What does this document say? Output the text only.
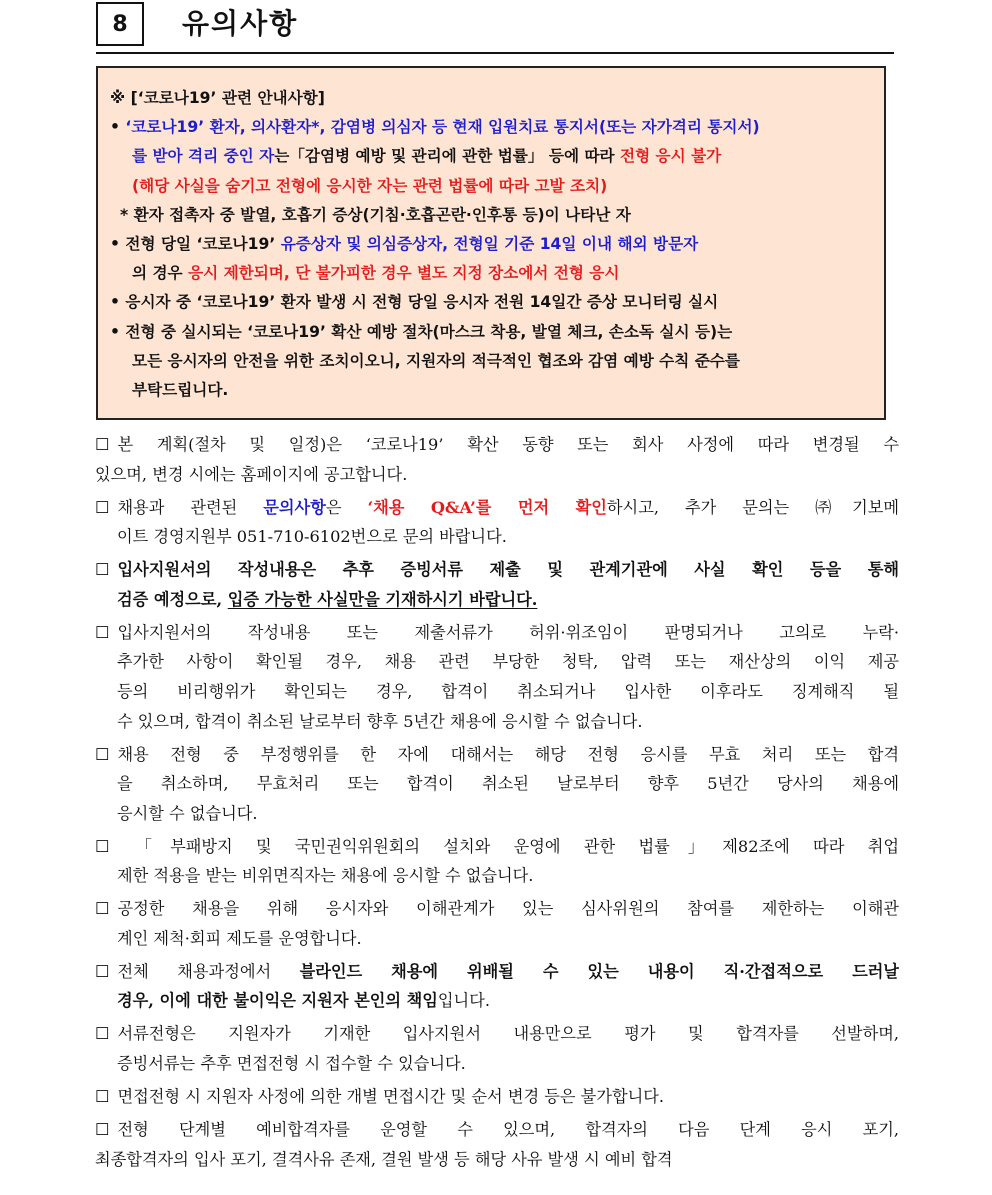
8	유의사항
※ [‘코로나19’ 관련 안내사항]
• ‘코로나19’ 환자, 의사환자*, 감염병 의심자 등 현재 입원치료 통지서(또는 자가격리 통지서)
를 받아 격리 중인 자는「감염병 예방 및 관리에 관한 법률」 등에 따라 전형 응시 불가
(해당 사실을 숨기고 전형에 응시한 자는 관련 법률에 따라 고발 조치)
* 환자 접촉자 중 발열, 호흡기 증상(기침·호흡곤란·인후통 등)이 나타난 자
• 전형 당일 ‘코로나19’ 유증상자 및 의심증상자, 전형일 기준 14일 이내 해외 방문자
의 경우 응시 제한되며, 단 불가피한 경우 별도 지정 장소에서 전형 응시
• 응시자 중 ‘코로나19’ 환자 발생 시 전형 당일 응시자 전원 14일간 증상 모니터링 실시
• 전형 중 실시되는 ‘코로나19’ 확산 예방 절차(마스크 착용, 발열 체크, 손소독 실시 등)는
모든 응시자의 안전을 위한 조치이오니, 지원자의 적극적인 협조와 감염 예방 수칙 준수를
부탁드립니다.
☐ 본 계획(절차 및 일정)은 ‘코로나19’ 확산 동향 또는 회사 사정에 따라 변경될 수
있으며, 변경 시에는 홈페이지에 공고합니다.
☐ 채용과 관련된 문의사항은 ‘채용 Q&A’를 먼저 확인하시고, 추가 문의는 ㈜기보메
이트 경영지원부 051-710-6102번으로 문의 바랍니다.
☐ 입사지원서의 작성내용은 추후 증빙서류 제출 및 관계기관에 사실 확인 등을 통해
검증 예정으로, 입증 가능한 사실만을 기재하시기 바랍니다.
☐ 입사지원서의 작성내용 또는 제출서류가 허위·위조임이 판명되거나 고의로 누락·
추가한 사항이 확인될 경우, 채용 관련 부당한 청탁, 압력 또는 재산상의 이익 제공
등의 비리행위가 확인되는 경우, 합격이 취소되거나 입사한 이후라도 징계해직 될
수 있으며, 합격이 취소된 날로부터 향후 5년간 채용에 응시할 수 없습니다.
☐ 채용 전형 중 부정행위를 한 자에 대해서는 해당 전형 응시를 무효 처리 또는 합격
을 취소하며, 무효처리 또는 합격이 취소된 날로부터 향후 5년간 당사의 채용에
응시할 수 없습니다.
☐ 「부패방지 및 국민권익위원회의 설치와 운영에 관한 법률」제82조에 따라 취업
제한 적용을 받는 비위면직자는 채용에 응시할 수 없습니다.
☐ 공정한 채용을 위해 응시자와 이해관계가 있는 심사위원의 참여를 제한하는 이해관
계인 제척·회피 제도를 운영합니다.
☐ 전체 채용과정에서 블라인드 채용에 위배될 수 있는 내용이 직·간접적으로 드러날
경우, 이에 대한 불이익은 지원자 본인의 책임입니다.
☐ 서류전형은 지원자가 기재한 입사지원서 내용만으로 평가 및 합격자를 선발하며,
증빙서류는 추후 면접전형 시 접수할 수 있습니다.
☐ 면접전형 시 지원자 사정에 의한 개별 면접시간 및 순서 변경 등은 불가합니다.
☐ 전형 단계별 예비합격자를 운영할 수 있으며, 합격자의 다음 단계 응시 포기,
최종합격자의 입사 포기, 결격사유 존재, 결원 발생 등 해당 사유 발생 시 예비 합격
